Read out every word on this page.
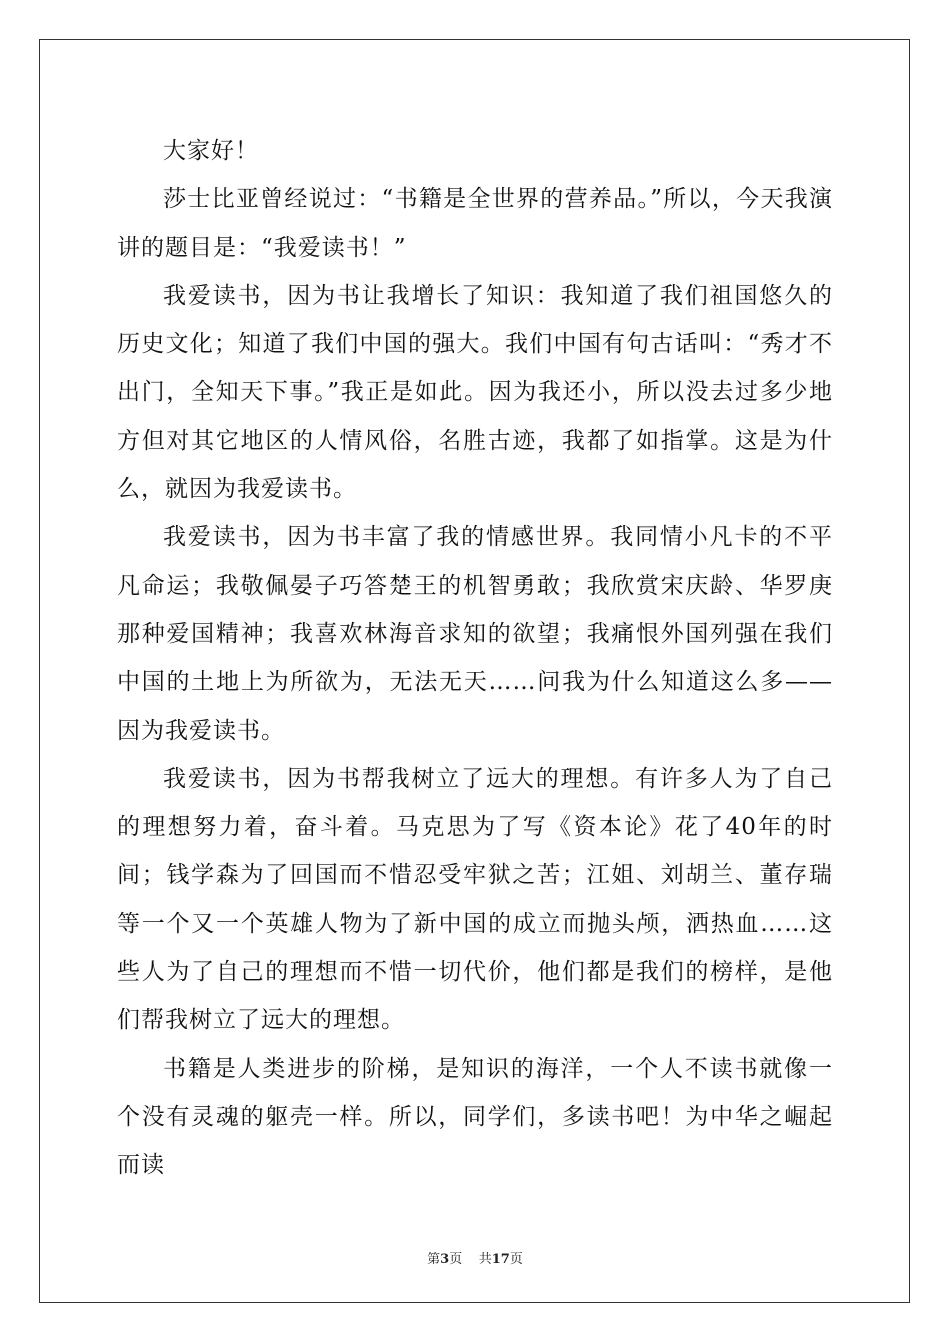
大家好！

莎士比亚曾经说过：“书籍是全世界的营养品。”所以，今天我演讲的题目是：“我爱读书！”

我爱读书，因为书让我增长了知识：我知道了我们祖国悠久的历史文化；知道了我们中国的强大。我们中国有句古话叫：“秀才不出门，全知天下事。”我正是如此。因为我还小，所以没去过多少地方但对其它地区的人情风俗，名胜古迹，我都了如指掌。这是为什么，就因为我爱读书。

我爱读书，因为书丰富了我的情感世界。我同情小凡卡的不平凡命运；我敬佩晏子巧答楚王的机智勇敢；我欣赏宋庆龄、华罗庚那种爱国精神；我喜欢林海音求知的欲望；我痛恨外国列强在我们中国的土地上为所欲为，无法无天……问我为什么知道这么多——因为我爱读书。

我爱读书，因为书帮我树立了远大的理想。有许多人为了自己的理想努力着，奋斗着。马克思为了写《资本论》花了40年的时间；钱学森为了回国而不惜忍受牢狱之苦；江姐、刘胡兰、董存瑞等一个又一个英雄人物为了新中国的成立而抛头颅，洒热血……这些人为了自己的理想而不惜一切代价，他们都是我们的榜样，是他们帮我树立了远大的理想。

书籍是人类进步的阶梯，是知识的海洋，一个人不读书就像一个没有灵魂的躯壳一样。所以，同学们，多读书吧！为中华之崛起而读

第3页 共17页
